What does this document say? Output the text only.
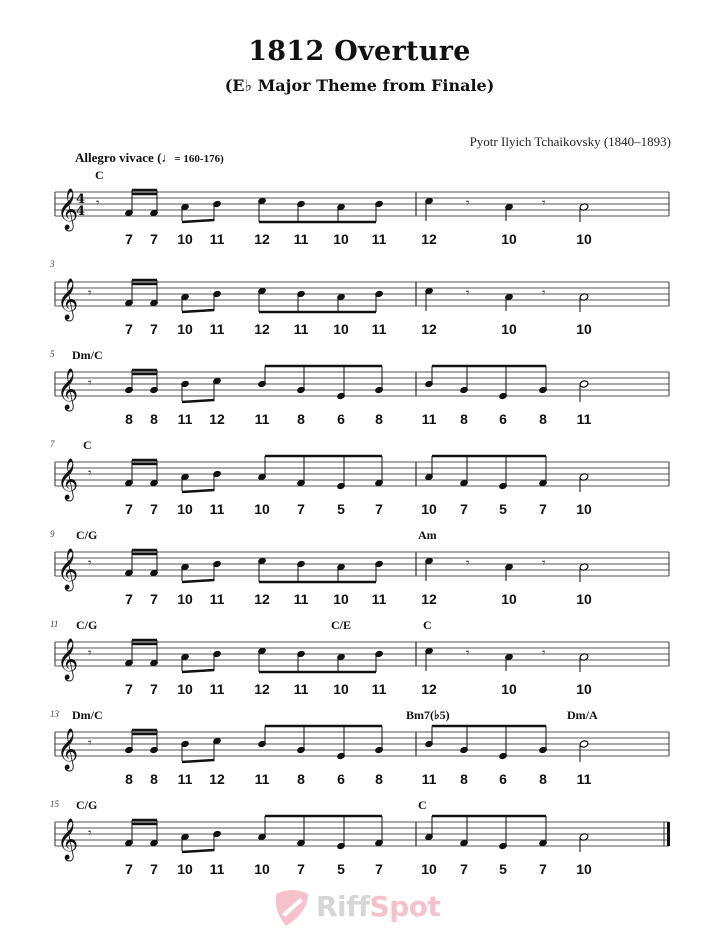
1812 Overture
(E♭ Major Theme from Finale)
Pyotr Ilyich Tchaikovsky (1840–1893)
Allegro vivace (♩= 160-176)
𝄞
4
4
C
𝄾
7 7 10 11 12 11 10 11 12
𝄾
10
𝄾
10
𝄞
3
𝄾
7 7 10 11 12 11 10 11 12
𝄾
10
𝄾
10
𝄞
5 Dm/C
𝄾
8 8 11 12 11 8 6 8	11 8 6 8 11
𝄞
7 C
𝄾
7 7 10 11 10 7 5 7	10 7 5 7 10
𝄞
9 C/G	Am
𝄾
7 7 10 11 12 11 10 11 12
𝄾
10
𝄾
10
𝄞
11 C/G	C/E	C
𝄾
7 7 10 11 12 11 10 11 12
𝄾
10
𝄾
10
𝄞
13 Dm/C	Bm7(♭5)	Dm/A
𝄾
8 8 11 12 11 8 6 8	11 8 6 8 11
𝄞
15 C/G	C
𝄾
7 7 10 11 10 7 5 7	10 7 5 7 10
RiffSpot
